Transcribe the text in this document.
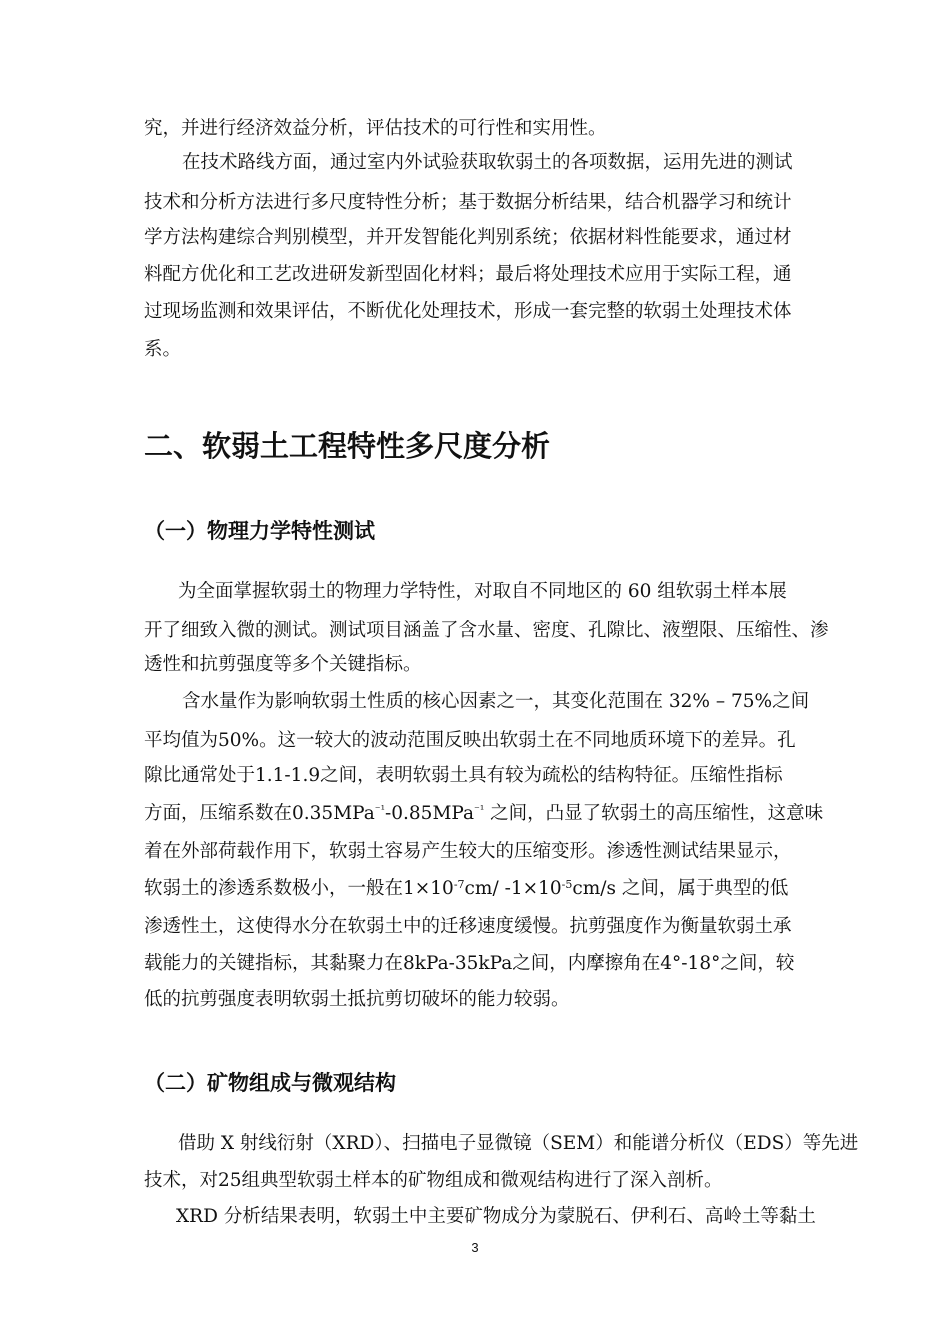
究，并进行经济效益分析，评估技术的可行性和实用性。
在技术路线方面，通过室内外试验获取软弱土的各项数据，运用先进的测试
技术和分析方法进行多尺度特性分析；基于数据分析结果，结合机器学习和统计
学方法构建综合判别模型，并开发智能化判别系统；依据材料性能要求，通过材
料配方优化和工艺改进研发新型固化材料；最后将处理技术应用于实际工程，通
过现场监测和效果评估，不断优化处理技术，形成一套完整的软弱土处理技术体
系。
二、软弱土工程特性多尺度分析
（一）物理力学特性测试
为全面掌握软弱土的物理力学特性，对取自不同地区的 60 组软弱土样本展
开了细致入微的测试。测试项目涵盖了含水量、密度、孔隙比、液塑限、压缩性、渗
透性和抗剪强度等多个关键指标。
含水量作为影响软弱土性质的核心因素之一，其变化范围在 32% – 75%之间
平均值为50%。这一较大的波动范围反映出软弱土在不同地质环境下的差异。孔
隙比通常处于1.1-1.9之间，表明软弱土具有较为疏松的结构特征。压缩性指标
方面，压缩系数在0.35MPa$^{^{-1}}$-0.85MPa$^{^{-1}}$ 之间，凸显了软弱土的高压缩性，这意味
着在外部荷载作用下，软弱土容易产生较大的压缩变形。渗透性测试结果显示，
软弱土的渗透系数极小，一般在$1\times 10^{-7}cm/$ $-1\times 10^{-5}cm/s$ 之间，属于典型的低
渗透性土，这使得水分在软弱土中的迁移速度缓慢。抗剪强度作为衡量软弱土承
载能力的关键指标，其黏聚力在8kPa-35kPa之间，内摩擦角在4°-18°之间，较
低的抗剪强度表明软弱土抵抗剪切破坏的能力较弱。
（二）矿物组成与微观结构
借助 X 射线衍射（XRD）、扫描电子显微镜（SEM）和能谱分析仪（EDS）等先进
技术，对25组典型软弱土样本的矿物组成和微观结构进行了深入剖析。
XRD 分析结果表明，软弱土中主要矿物成分为蒙脱石、伊利石、高岭土等黏土
3
